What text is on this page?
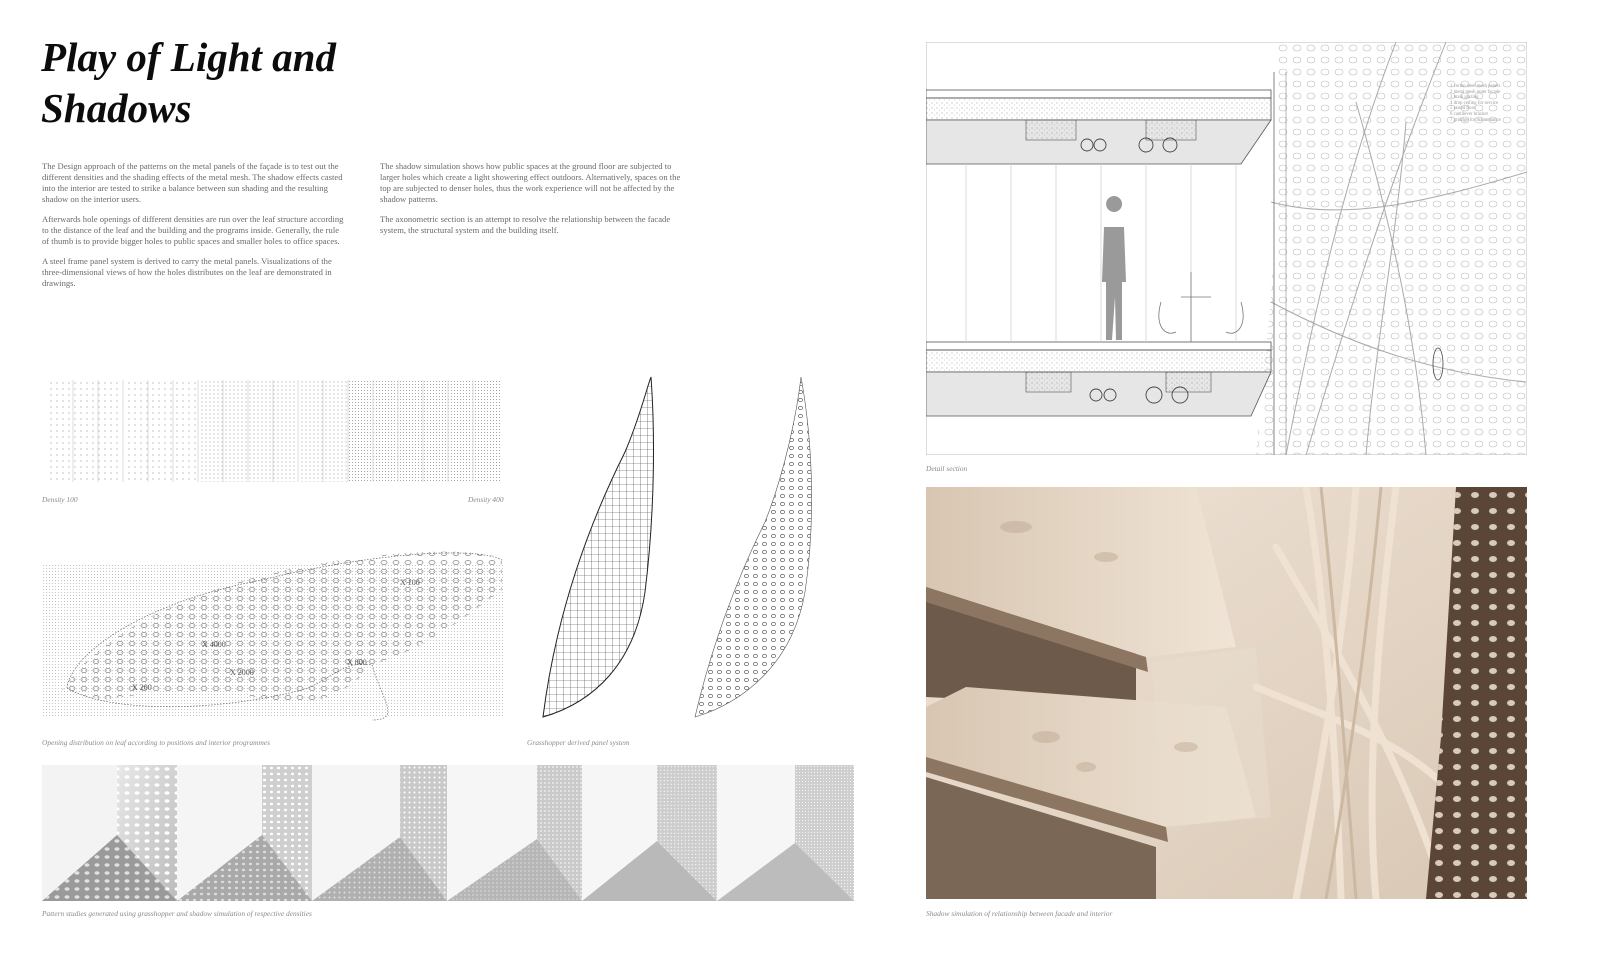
Play of Light and Shadows

The Design approach of the patterns on the metal panels of the façade is to test out the different densities and the shading effects of the metal mesh. The shadow effects casted into the interior are tested to strike a balance between sun shading and the resulting shadow on the interior users.

Afterwards hole openings of different densities are run over the leaf structure according to the distance of the leaf and the building and the programs inside. Generally, the rule of thumb is to provide bigger holes to public spaces and smaller holes to office spaces.

A steel frame panel system is derived to carry the metal panels. Visualizations of the three-dimensional views of how the holes distributes on the leaf are demonstrated in drawings.

The shadow simulation shows how public spaces at the ground floor are subjected to larger holes which create a light showering effect outdoors. Alternatively, spaces on the top are subjected to denser holes, thus the work experience will not be affected by the shadow patterns.

The axonometric section is an attempt to resolve the relationship between the facade system, the structural system and the building itself.

Density 100	Density 400
X 100
X 4000
X 2000
X 800
X 200
Opening distribution on leaf according to positions and interior programmes	Grasshopper derived panel system
Pattern studies generated using grasshopper and shadow simulation of respective densities
1 corten steel mesh panels
2 metal mesh outer facade
3 main glazing
4 drop ceiling for service
5 raised floor
6 cantilever bracket
7 gridlige for maintenance
Detail section
Shadow simulation of relationship between facade and interior
